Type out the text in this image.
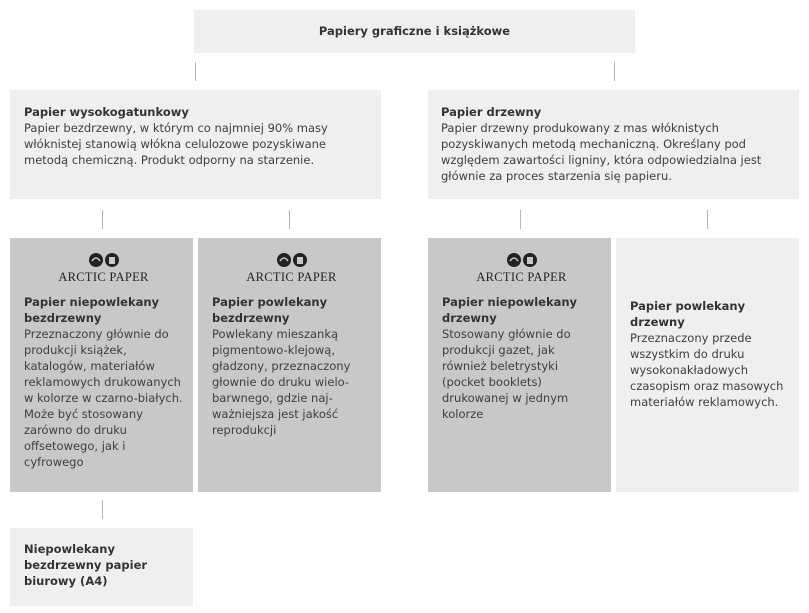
Papiery graficzne i książkowe
Papier wysokogatunkowy
Papier bezdrzewny, w którym co najmniej 90% masy włóknistej stanowią włókna celulozowe pozyskiwane metodą chemiczną. Produkt odporny na starzenie.
Papier drzewny
Papier drzewny produkowany z mas włóknistych pozyskiwanych metodą mechaniczną. Określany pod względem zawartości ligniny, która odpowiedzialna jest głównie za proces starzenia się papieru.
ARCTIC PAPER
Papier niepowlekany bezdrzewny
Przeznaczony głównie do produkcji książek, katalogów, materiałów reklamowych drukowanych w kolorze w czarno-białych. Może być stosowany zarówno do druku offsetowego, jak i cyfrowego
ARCTIC PAPER
Papier powlekany bezdrzewny
Powlekany mieszanką pigmentowo-klejową, gładzony, przeznaczony głownie do druku wielo-barwnego, gdzie naj-ważniejsza jest jakość reprodukcji
ARCTIC PAPER
Papier niepowlekany drzewny
Stosowany głównie do produkcji gazet, jak również beletrystyki (pocket booklets) drukowanej w jednym kolorze
Papier powlekany drzewny
Przeznaczony przede wszystkim do druku wysokonakładowych czasopism oraz masowych materiałów reklamowych.
Niepowlekany bezdrzewny papier biurowy (A4)
